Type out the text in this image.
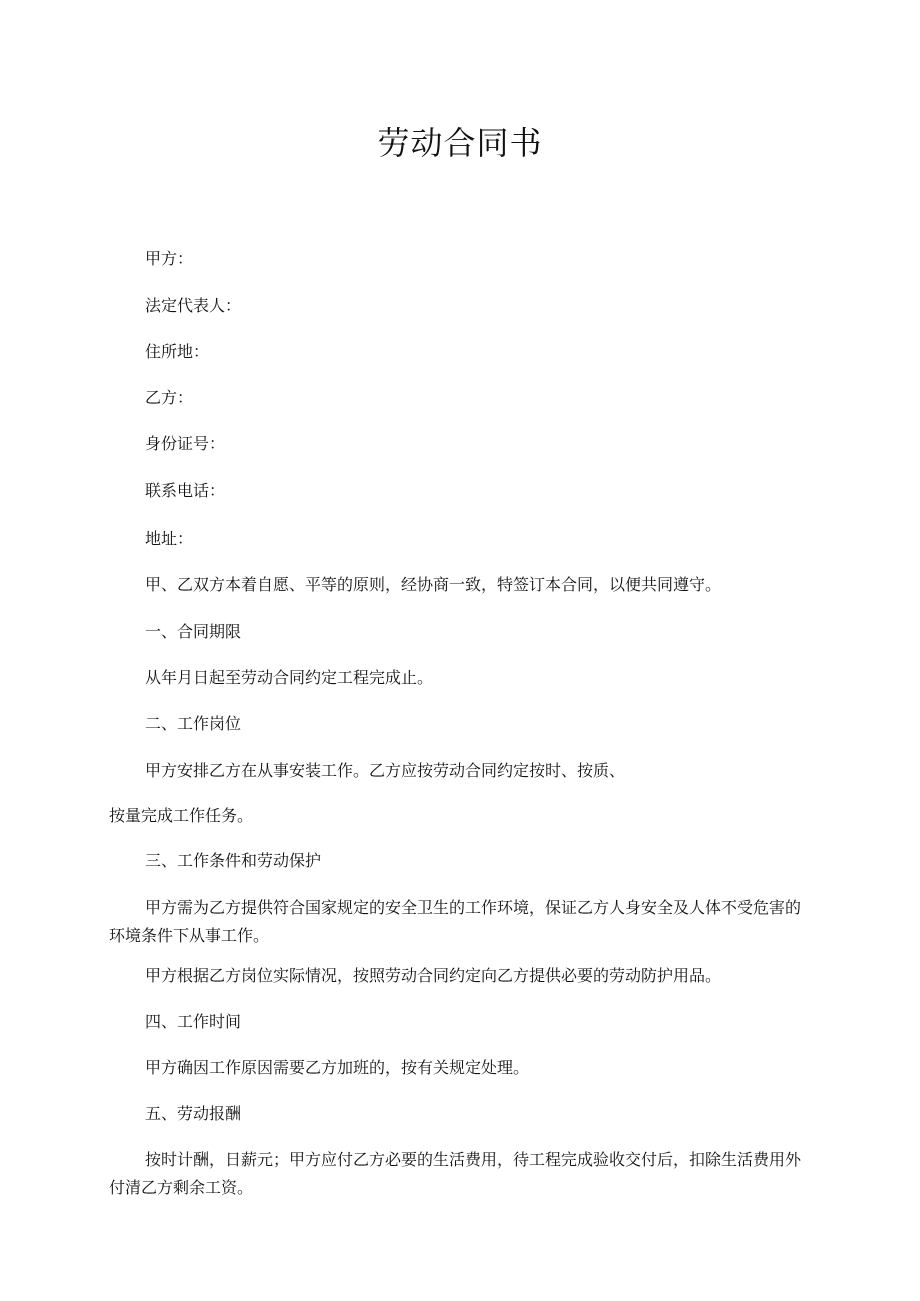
劳动合同书

甲方：

法定代表人：

住所地：

乙方：

身份证号：

联系电话：

地址：

甲、乙双方本着自愿、平等的原则，经协商一致，特签订本合同，以便共同遵守。

一、合同期限

从年月日起至劳动合同约定工程完成止。

二、工作岗位

甲方安排乙方在从事安装工作。乙方应按劳动合同约定按时、按质、

按量完成工作任务。

三、工作条件和劳动保护

甲方需为乙方提供符合国家规定的安全卫生的工作环境，保证乙方人身安全及人体不受危害的环境条件下从事工作。

甲方根据乙方岗位实际情况，按照劳动合同约定向乙方提供必要的劳动防护用品。

四、工作时间

甲方确因工作原因需要乙方加班的，按有关规定处理。

五、劳动报酬

按时计酬，日薪元；甲方应付乙方必要的生活费用，待工程完成验收交付后，扣除生活费用外付清乙方剩余工资。
